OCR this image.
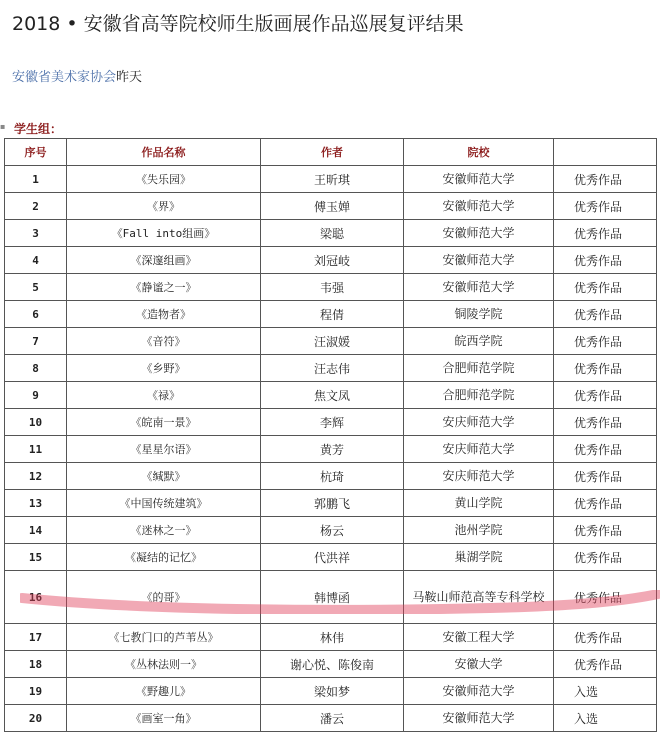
2018 • 安徽省高等院校师生版画展作品巡展复评结果
安徽省美术家协会昨天
▪ 学生组：
序号	作品名称	作者	院校	
1	《失乐园》	王昕琪	安徽师范大学	优秀作品
2	《界》	傅玉婵	安徽师范大学	优秀作品
3	《Fall into组画》	梁聪	安徽师范大学	优秀作品
4	《深邃组画》	刘冠岐	安徽师范大学	优秀作品
5	《静谧之一》	韦强	安徽师范大学	优秀作品
6	《造物者》	程倩	铜陵学院	优秀作品
7	《音符》	汪淑媛	皖西学院	优秀作品
8	《乡野》	汪志伟	合肥师范学院	优秀作品
9	《禄》	焦文凤	合肥师范学院	优秀作品
10	《皖南一景》	李辉	安庆师范大学	优秀作品
11	《星星尔语》	黄芳	安庆师范大学	优秀作品
12	《缄默》	杭琦	安庆师范大学	优秀作品
13	《中国传统建筑》	郭鹏飞	黄山学院	优秀作品
14	《迷林之一》	杨云	池州学院	优秀作品
15	《凝结的记忆》	代洪祥	巢湖学院	优秀作品
16	《的哥》	韩博函	马鞍山师范高等专科学校	优秀作品
17	《七教门口的芦苇丛》	林伟	安徽工程大学	优秀作品
18	《丛林法则一》	谢心悦、陈俊南	安徽大学	优秀作品
19	《野趣儿》	梁如梦	安徽师范大学	入选
20	《画室一角》	潘云	安徽师范大学	入选
